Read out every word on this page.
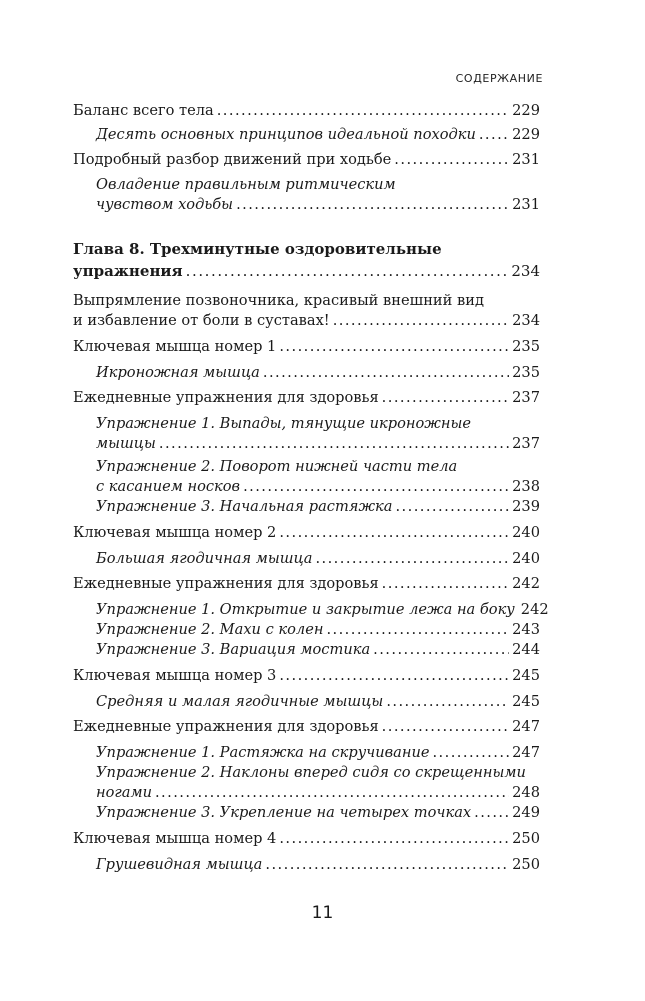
СОДЕРЖАНИЕ
Баланс всего тела . . .	229
Десять основных принципов идеальной походки . . . 229
Подробный разбор движений при ходьбе . . .	231
Овладение правильным ритмическим
чувством ходьбы . . .	231
Глава 8. Трехминутные оздоровительные
упражнения . . .	234
Выпрямление позвоночника, красивый внешний вид
и избавление от боли в суставах! . . .	234
Ключевая мышца номер 1 . . .	235
Икроножная мышца . . .	235
Ежедневные упражнения для здоровья . . .	237
Упражнение 1. Выпады, тянущие икроножные
мышцы . . .	237
Упражнение 2. Поворот нижней части тела
с касанием носков . . .	238
Упражнение 3. Начальная растяжка . . .	239
Ключевая мышца номер 2 . . .	240
Большая ягодичная мышца . . .	240
Ежедневные упражнения для здоровья . . .	242
Упражнение 1. Открытие и закрытие лежа на боку 242
Упражнение 2. Махи с колен . . .	243
Упражнение 3. Вариация мостика . . .	244
Ключевая мышца номер 3 . . .	245
Средняя и малая ягодичные мышцы . . .	245
Ежедневные упражнения для здоровья . . .	247
Упражнение 1. Растяжка на скручивание . . .	247
Упражнение 2. Наклоны вперед сидя со скрещенными
ногами . . .	248
Упражнение 3. Укрепление на четырех точках . . .	249
Ключевая мышца номер 4 . . .	250
Грушевидная мышца . . .	250
11
